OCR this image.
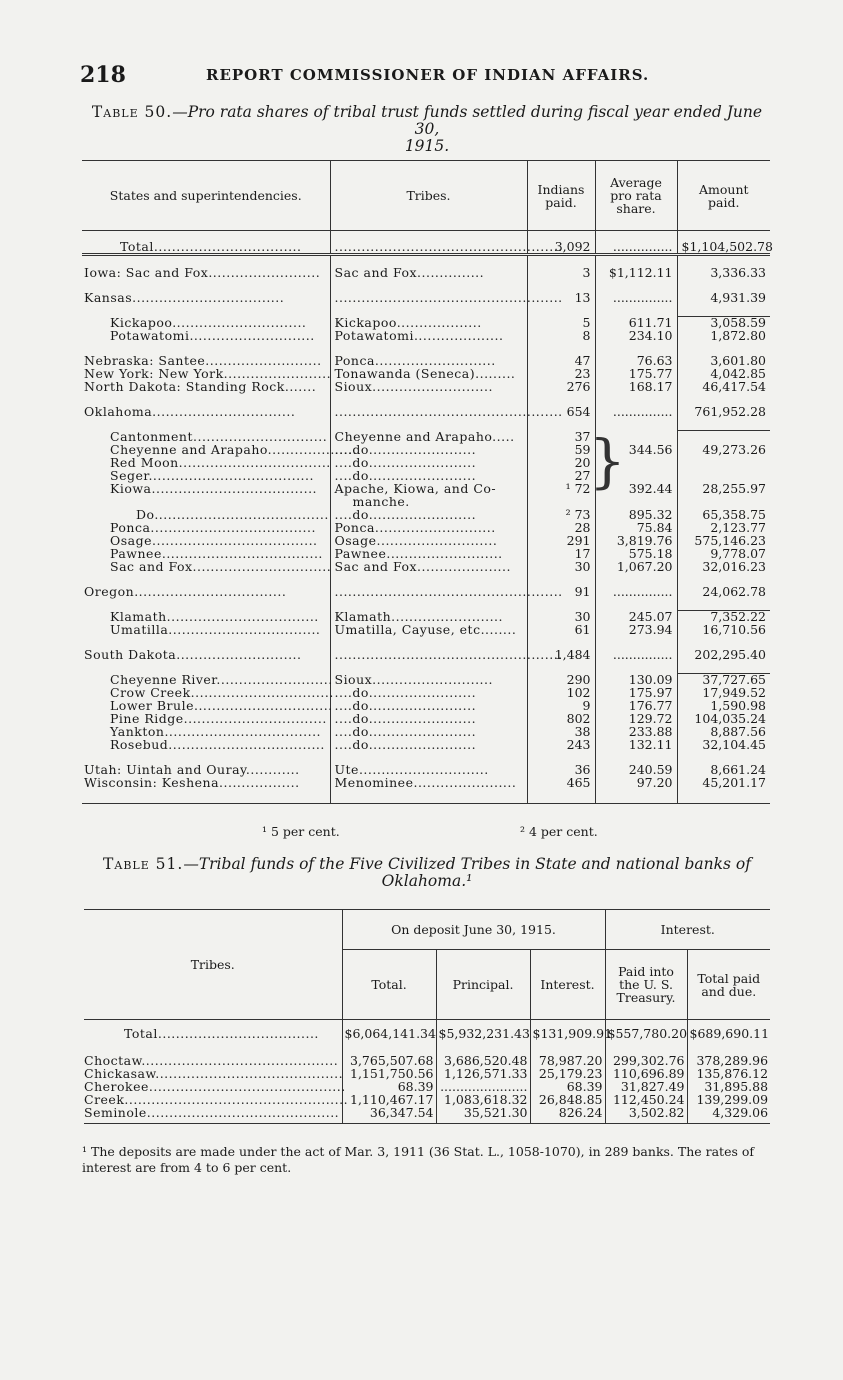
218	REPORT COMMISSIONER OF INDIAN AFFAIRS.
Table 50.—Pro rata shares of tribal trust funds settled during fiscal year ended June 30,
1915.
States and superintendencies.	Tribes.	Indians paid.	Average pro rata share.	Amount paid.

Total.................................	...................................................	3,092	...............	$1,104,502.78

Iowa: Sac and Fox.........................	Sac and Fox...............	3	$1,112.11	3,336.33

Kansas..................................	...................................................	13	...............	4,931.39

Kickapoo..............................	Kickapoo...................	5	611.71	3,058.59
Potawatomi............................	Potawatomi....................	8	234.10	1,872.80

Nebraska: Santee..........................	Ponca...........................	47	76.63	3,601.80
New York: New York........................	Tonawanda (Seneca).........	23	175.77	4,042.85
North Dakota: Standing Rock.......	Sioux...........................	276	168.17	46,417.54

Oklahoma................................	...................................................	654	...............	761,952.28

Cantonment..............................	Cheyenne and Arapaho.....	37		
Cheyenne and Arapaho....................	....do........................	59	344.56	49,273.26
Red Moon..................................	....do........................	20		
Seger.....................................	....do........................	27		
Kiowa.....................................	Apache, Kiowa, and Co-	¹ 72	392.44	28,255.97
	manche.			
Do.......................................	....do........................	² 73	895.32	65,358.75
Ponca.....................................	Ponca...........................	28	75.84	2,123.77
Osage.....................................	Osage...........................	291	3,819.76	575,146.23
Pawnee....................................	Pawnee..........................	17	575.18	9,778.07
Sac and Fox...............................	Sac and Fox.....................	30	1,067.20	32,016.23

Oregon..................................	...................................................	91	...............	24,062.78

Klamath..................................	Klamath.........................	30	245.07	7,352.22
Umatilla..................................	Umatilla, Cayuse, etc........	61	273.94	16,710.56

South Dakota............................	...................................................	1,484	...............	202,295.40

Cheyenne River..........................	Sioux...........................	290	130.09	37,727.65
Crow Creek................................	....do........................	102	175.97	17,949.52
Lower Brule...............................	....do........................	9	176.77	1,590.98
Pine Ridge................................	....do........................	802	129.72	104,035.24
Yankton...................................	....do........................	38	233.88	8,887.56
Rosebud...................................	....do........................	243	132.11	32,104.45

Utah: Uintah and Ouray............	Ute.............................	36	240.59	8,661.24
Wisconsin: Keshena..................	Menominee.......................	465	97.20	45,201.17

}
¹ 5 per cent.	² 4 per cent.
Table 51.—Tribal funds of the Five Civilized Tribes in State and national banks of
Oklahoma.¹
Tribes.	On deposit June 30, 1915.			Interest.	
	Total.	Principal.	Interest.	Paid into the U. S. Treasury.	Total paid and due.

Total....................................	$6,064,141.34	$5,932,231.43	$131,909.91	$557,780.20	$689,690.11

Choctaw............................................	3,765,507.68	3,686,520.48	78,987.20	299,302.76	378,289.96
Chickasaw..........................................	1,151,750.56	1,126,571.33	25,179.23	110,696.89	135,876.12
Cherokee............................................	68.39	......................	68.39	31,827.49	31,895.88
Creek..................................................	1,110,467.17	1,083,618.32	26,848.85	112,450.24	139,299.09
Seminole...........................................	36,347.54	35,521.30	826.24	3,502.82	4,329.06

¹ The deposits are made under the act of Mar. 3, 1911 (36 Stat. L., 1058-1070), in 289 banks. The rates of interest are from 4 to 6 per cent.
